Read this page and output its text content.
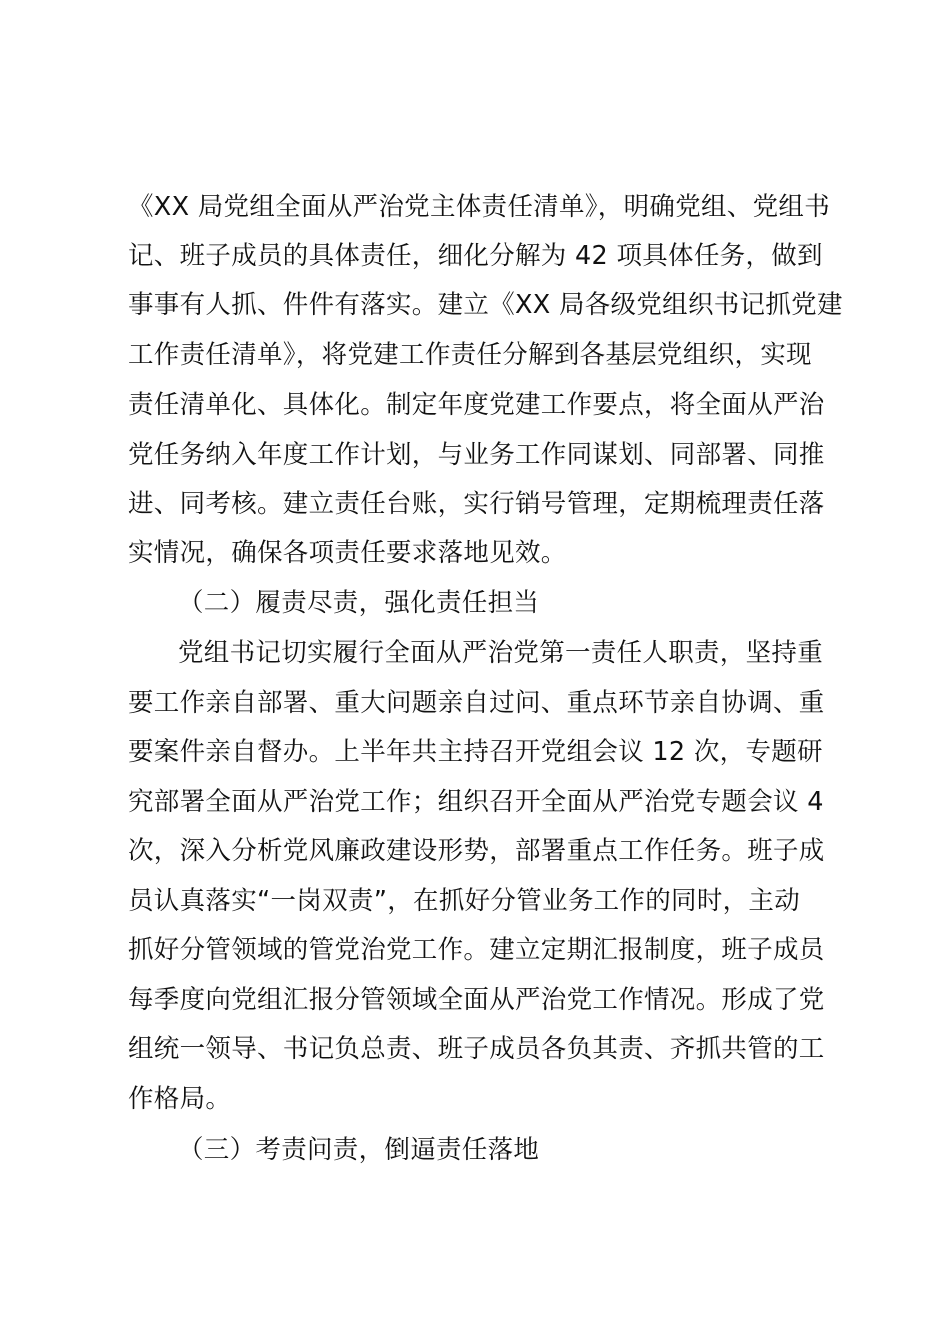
《XX 局党组全面从严治党主体责任清单》，明确党组、党组书
记、班子成员的具体责任，细化分解为 42 项具体任务，做到
事事有人抓、件件有落实。建立《XX 局各级党组织书记抓党建
工作责任清单》，将党建工作责任分解到各基层党组织，实现
责任清单化、具体化。制定年度党建工作要点，将全面从严治
党任务纳入年度工作计划，与业务工作同谋划、同部署、同推
进、同考核。建立责任台账，实行销号管理，定期梳理责任落
实情况，确保各项责任要求落地见效。
（二）履责尽责，强化责任担当
党组书记切实履行全面从严治党第一责任人职责，坚持重
要工作亲自部署、重大问题亲自过问、重点环节亲自协调、重
要案件亲自督办。上半年共主持召开党组会议 12 次，专题研
究部署全面从严治党工作；组织召开全面从严治党专题会议 4
次，深入分析党风廉政建设形势，部署重点工作任务。班子成
员认真落实“一岗双责”，在抓好分管业务工作的同时，主动
抓好分管领域的管党治党工作。建立定期汇报制度，班子成员
每季度向党组汇报分管领域全面从严治党工作情况。形成了党
组统一领导、书记负总责、班子成员各负其责、齐抓共管的工
作格局。
（三）考责问责，倒逼责任落地
